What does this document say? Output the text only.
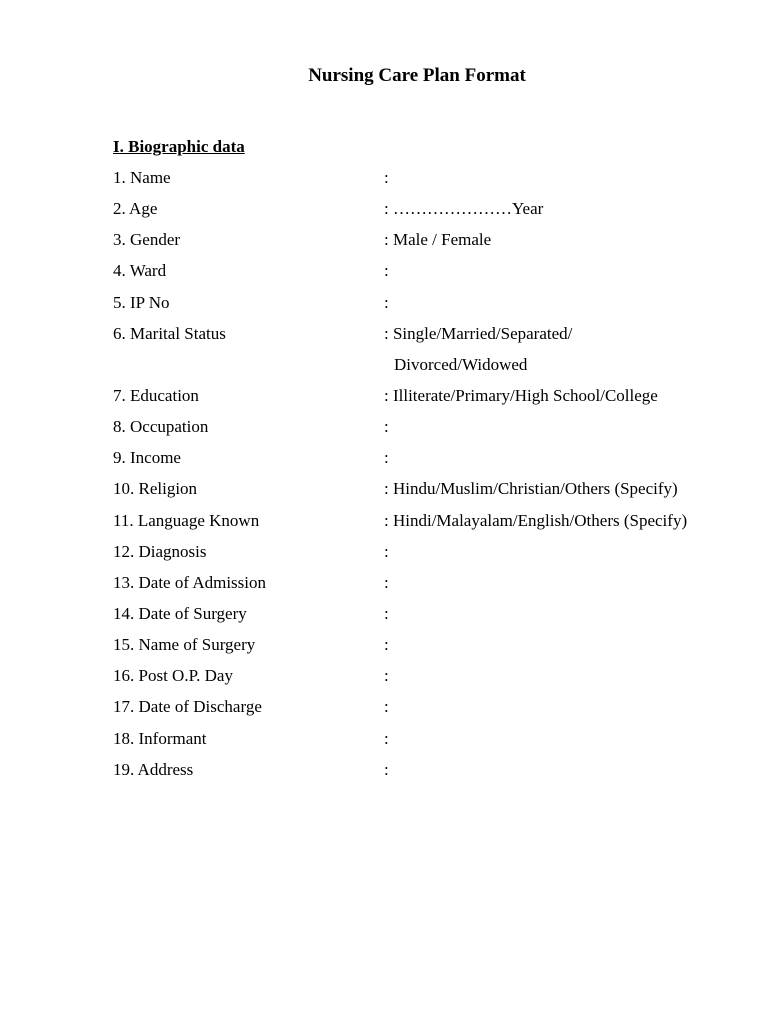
Nursing Care Plan Format
I. Biographic data
1. Name	:
2. Age	: …………………Year
3. Gender	: Male / Female
4. Ward	:
5. IP No	:
6. Marital Status	: Single/Married/Separated/
Divorced/Widowed
7. Education	: Illiterate/Primary/High School/College
8. Occupation	:
9. Income	:
10. Religion	: Hindu/Muslim/Christian/Others (Specify)
11. Language Known	: Hindi/Malayalam/English/Others (Specify)
12. Diagnosis	:
13. Date of Admission	:
14. Date of Surgery	:
15. Name of Surgery	:
16. Post O.P. Day	:
17. Date of Discharge	:
18. Informant	:
19. Address	:
